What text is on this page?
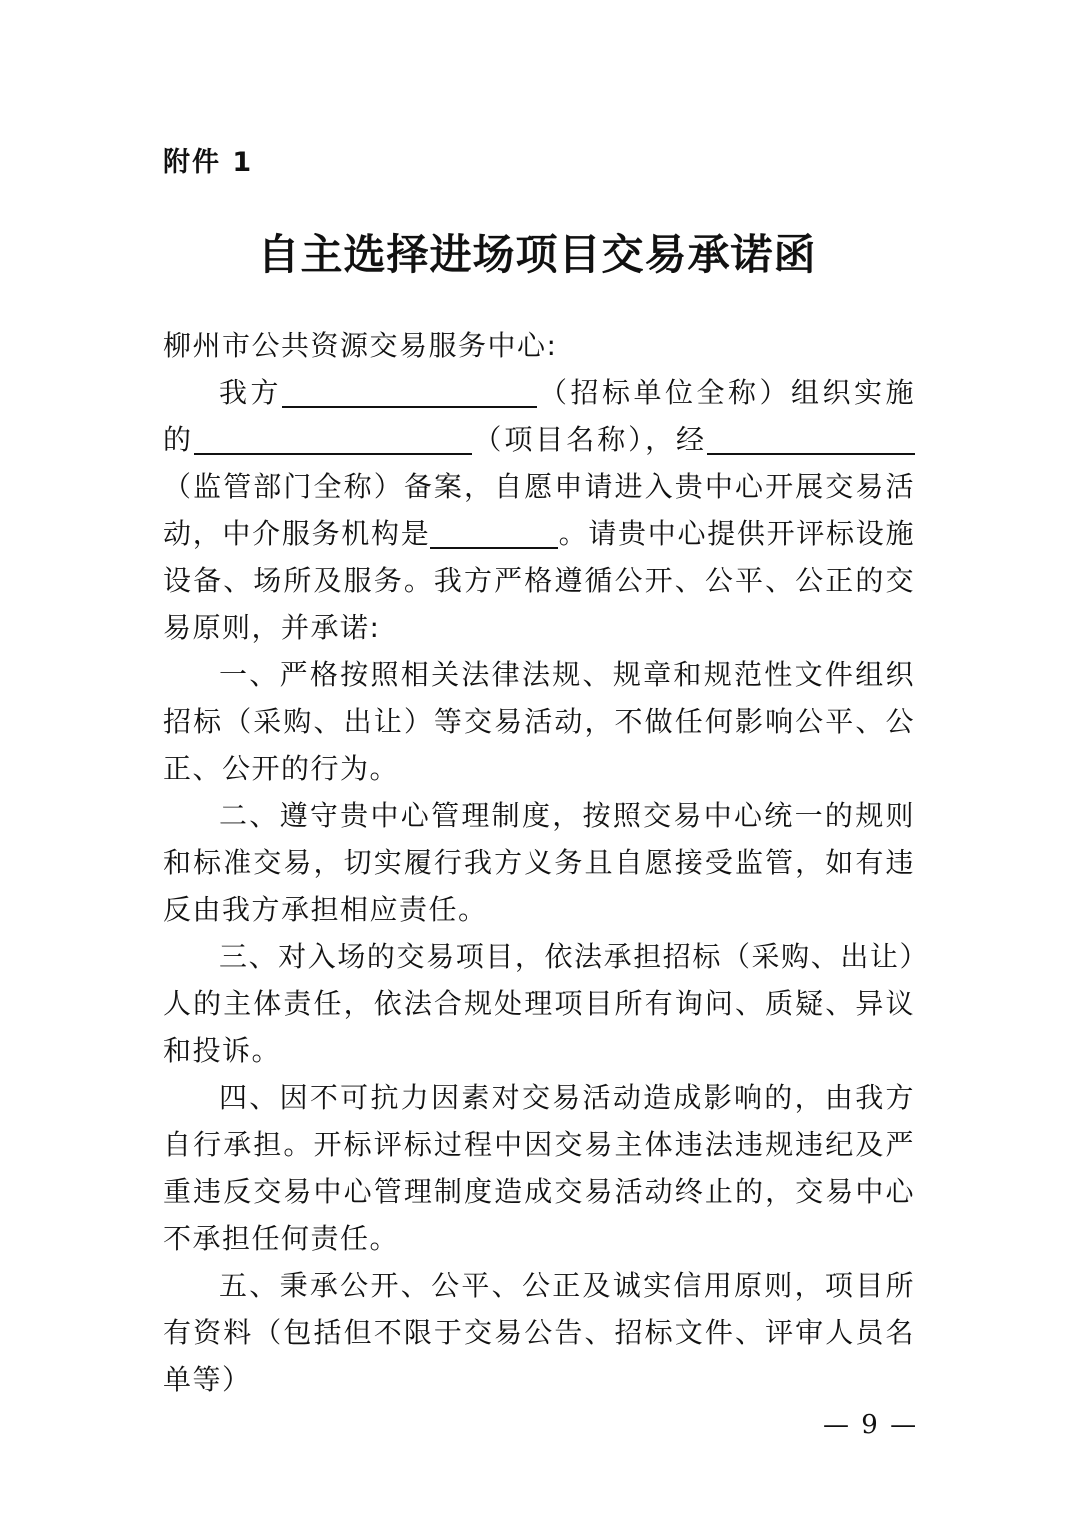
附件 1
自主选择进场项目交易承诺函

柳州市公共资源交易服务中心:

我方	（招标单位全称）组织实施的	（项目名称），经（监管部门全称）备案，自愿申请进入贵中心开展交易活动，中介服务机构是	。请贵中心提供开评标设施设备、场所及服务。我方严格遵循公开、公平、公正的交易原则，并承诺:

一、严格按照相关法律法规、规章和规范性文件组织招标（采购、出让）等交易活动，不做任何影响公平、公正、公开的行为。

二、遵守贵中心管理制度，按照交易中心统一的规则和标准交易，切实履行我方义务且自愿接受监管，如有违反由我方承担相应责任。

三、对入场的交易项目，依法承担招标（采购、出让）人的主体责任，依法合规处理项目所有询问、质疑、异议和投诉。

四、因不可抗力因素对交易活动造成影响的，由我方自行承担。开标评标过程中因交易主体违法违规违纪及严重违反交易中心管理制度造成交易活动终止的，交易中心不承担任何责任。

五、秉承公开、公平、公正及诚实信用原则，项目所有资料（包括但不限于交易公告、招标文件、评审人员名单等）

— 9 —
